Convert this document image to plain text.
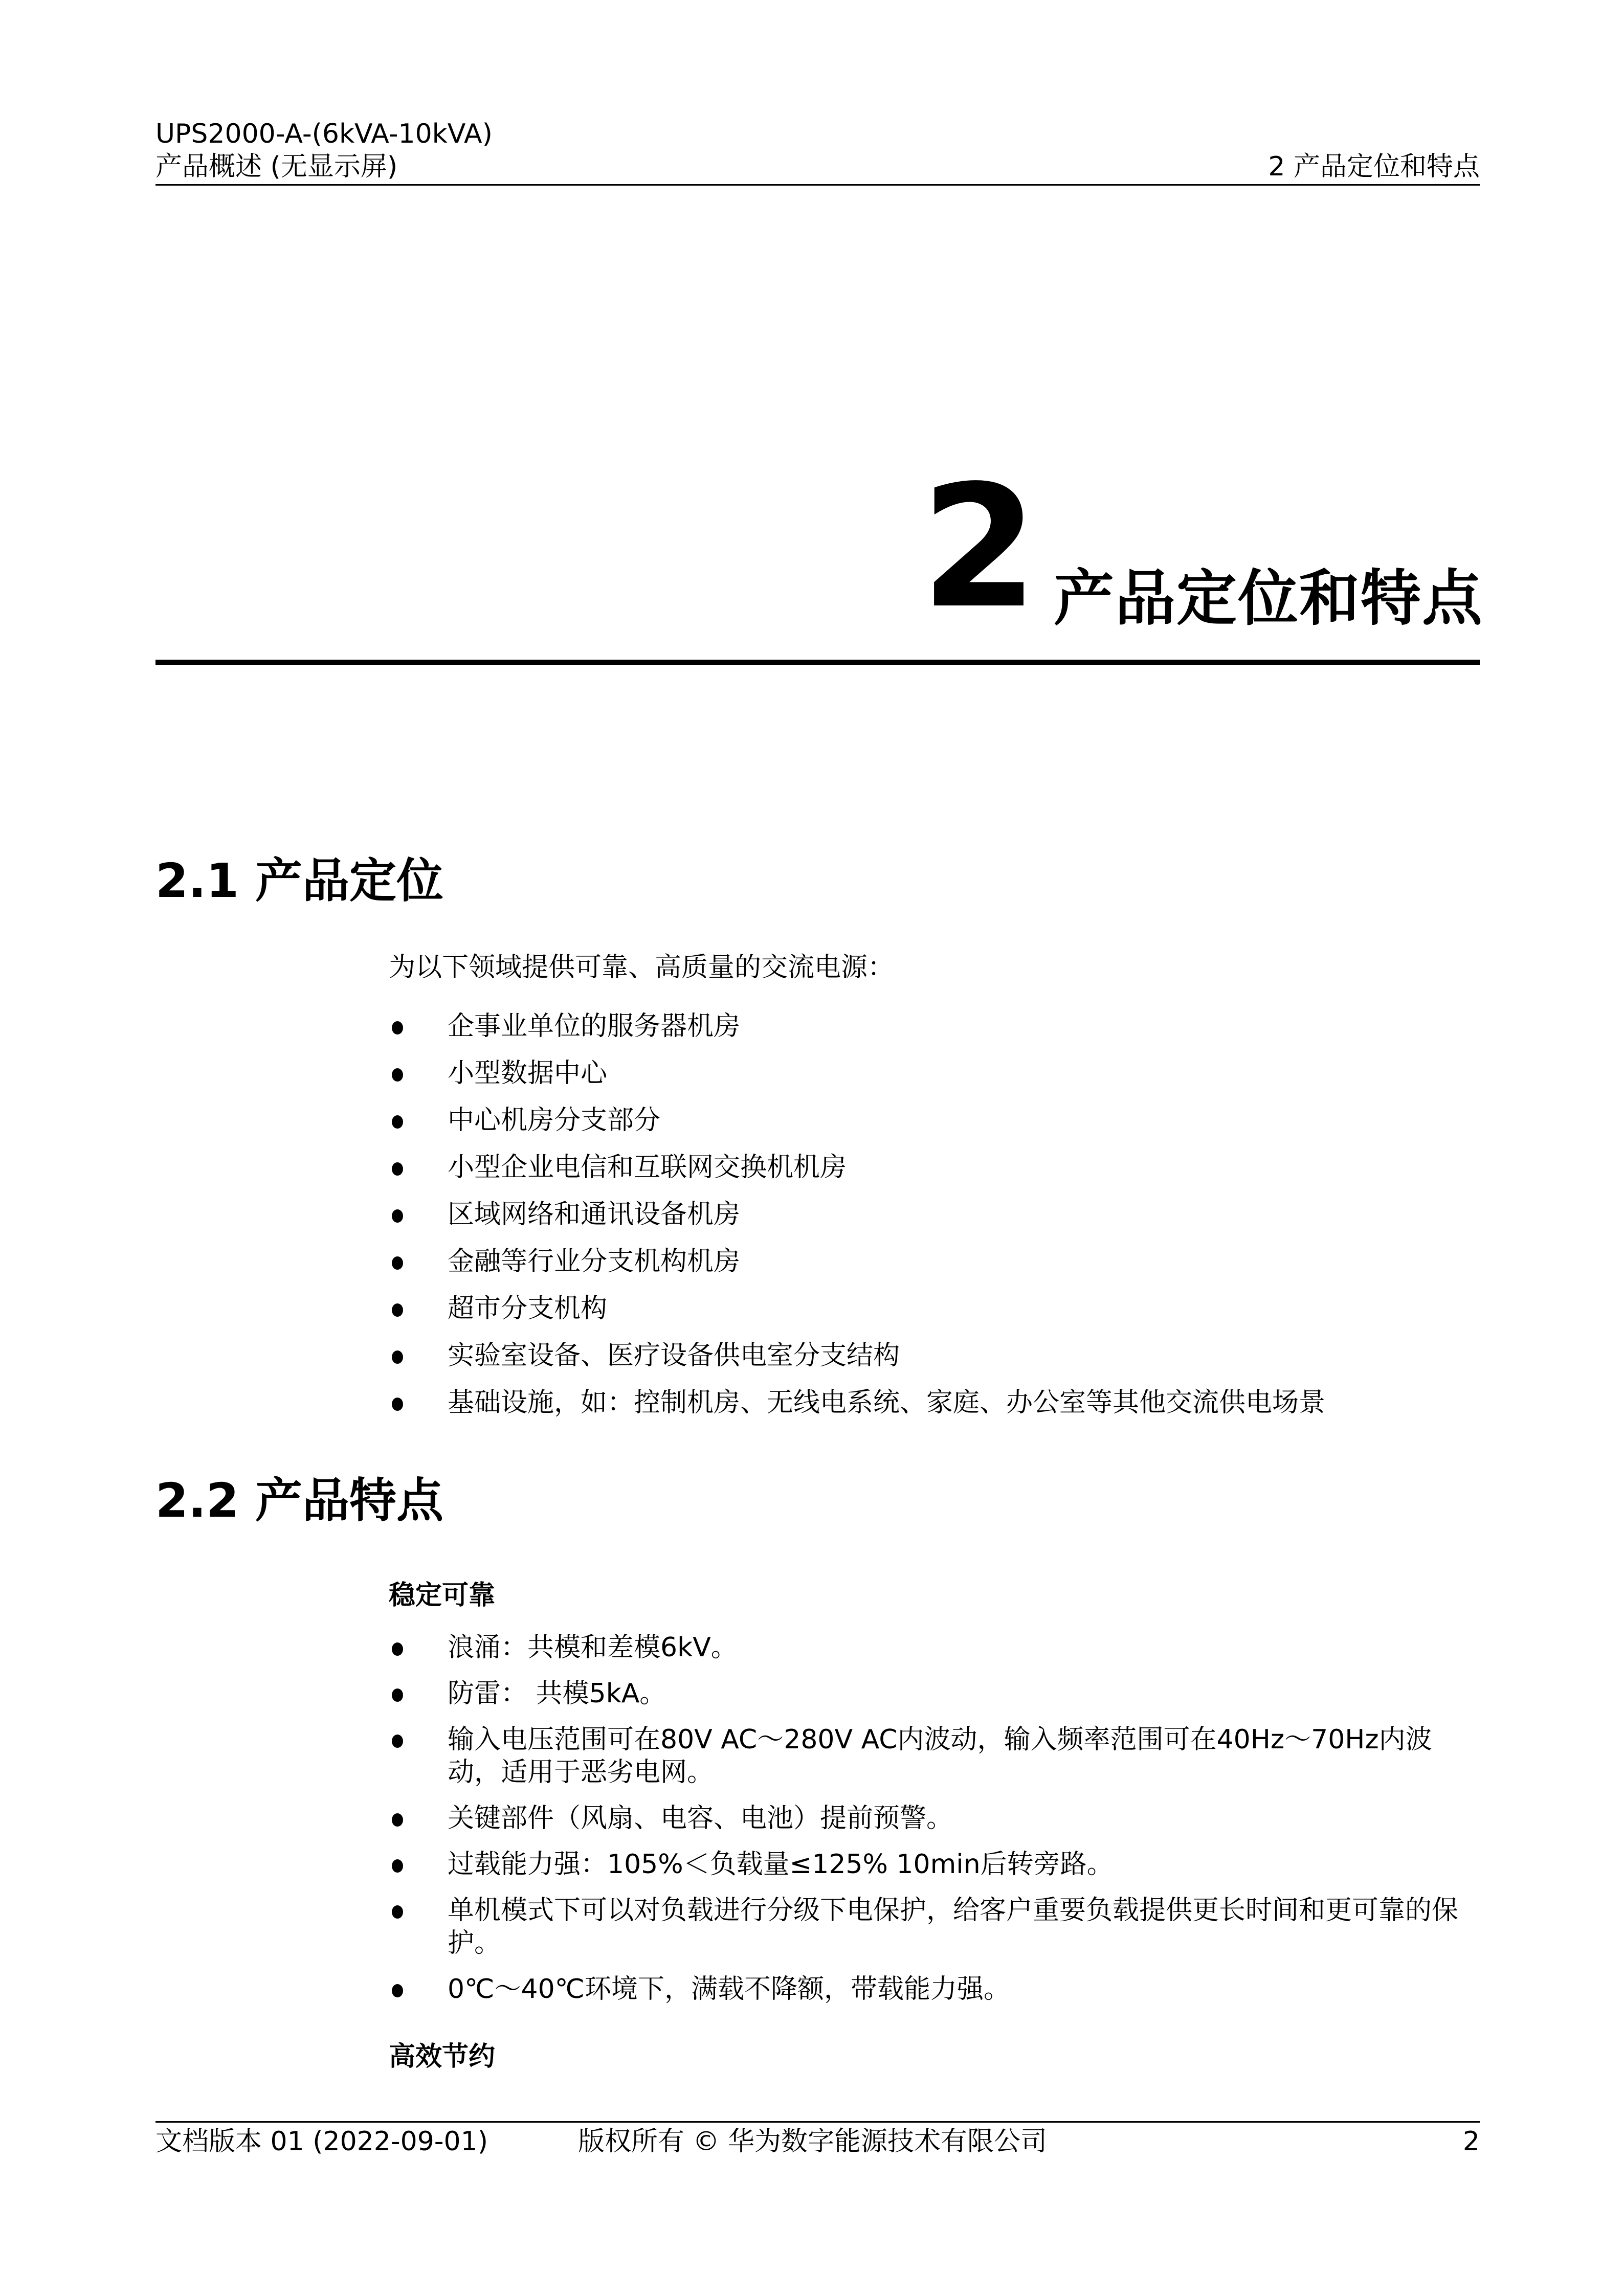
UPS2000-A-(6kVA-10kVA)
产品概述 (无显示屏)	2 产品定位和特点
2 产品定位和特点
2.1 产品定位
为以下领域提供可靠、高质量的交流电源：
企事业单位的服务器机房
小型数据中心
中心机房分支部分
小型企业电信和互联网交换机机房
区域网络和通讯设备机房
金融等行业分支机构机房
超市分支机构
实验室设备、医疗设备供电室分支结构
基础设施，如：控制机房、无线电系统、家庭、办公室等其他交流供电场景
2.2 产品特点
稳定可靠
浪涌：共模和差模6kV。
防雷： 共模5kA。
输入电压范围可在80V AC～280V AC内波动，输入频率范围可在40Hz～70Hz内波动，适用于恶劣电网。
关键部件（风扇、电容、电池）提前预警。
过载能力强：105%＜负载量≤125% 10min后转旁路。
单机模式下可以对负载进行分级下电保护，给客户重要负载提供更长时间和更可靠的保护。
0℃～40℃环境下，满载不降额，带载能力强。
高效节约
文档版本 01 (2022-09-01)	版权所有 © 华为数字能源技术有限公司	2
